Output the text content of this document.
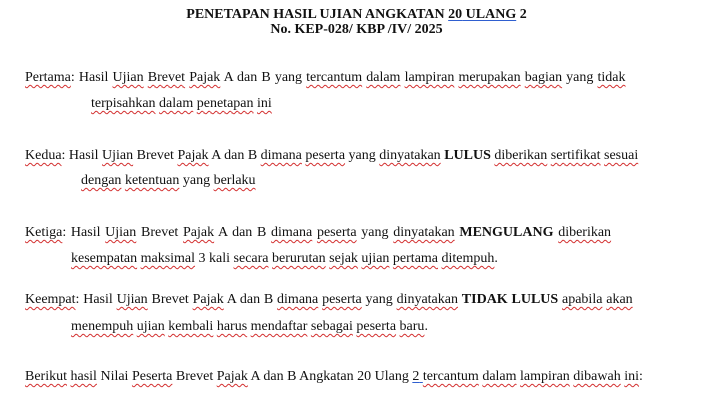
PENETAPAN HASIL UJIAN ANGKATAN 20 ULANG 2
No. KEP-028/ KBP /IV/ 2025
Pertama: Hasil Ujian Brevet Pajak A dan B yang tercantum dalam lampiran merupakan bagian yang tidak
terpisahkan dalam penetapan ini
Kedua: Hasil Ujian Brevet Pajak A dan B dimana peserta yang dinyatakan LULUS diberikan sertifikat sesuai
dengan ketentuan yang berlaku
Ketiga: Hasil Ujian Brevet Pajak A dan B dimana peserta yang dinyatakan MENGULANG diberikan
kesempatan maksimal 3 kali secara berurutan sejak ujian pertama ditempuh.
Keempat: Hasil Ujian Brevet Pajak A dan B dimana peserta yang dinyatakan TIDAK LULUS apabila akan
menempuh ujian kembali harus mendaftar sebagai peserta baru.
Berikut hasil Nilai Peserta Brevet Pajak A dan B Angkatan 20 Ulang 2 tercantum dalam lampiran dibawah ini:
